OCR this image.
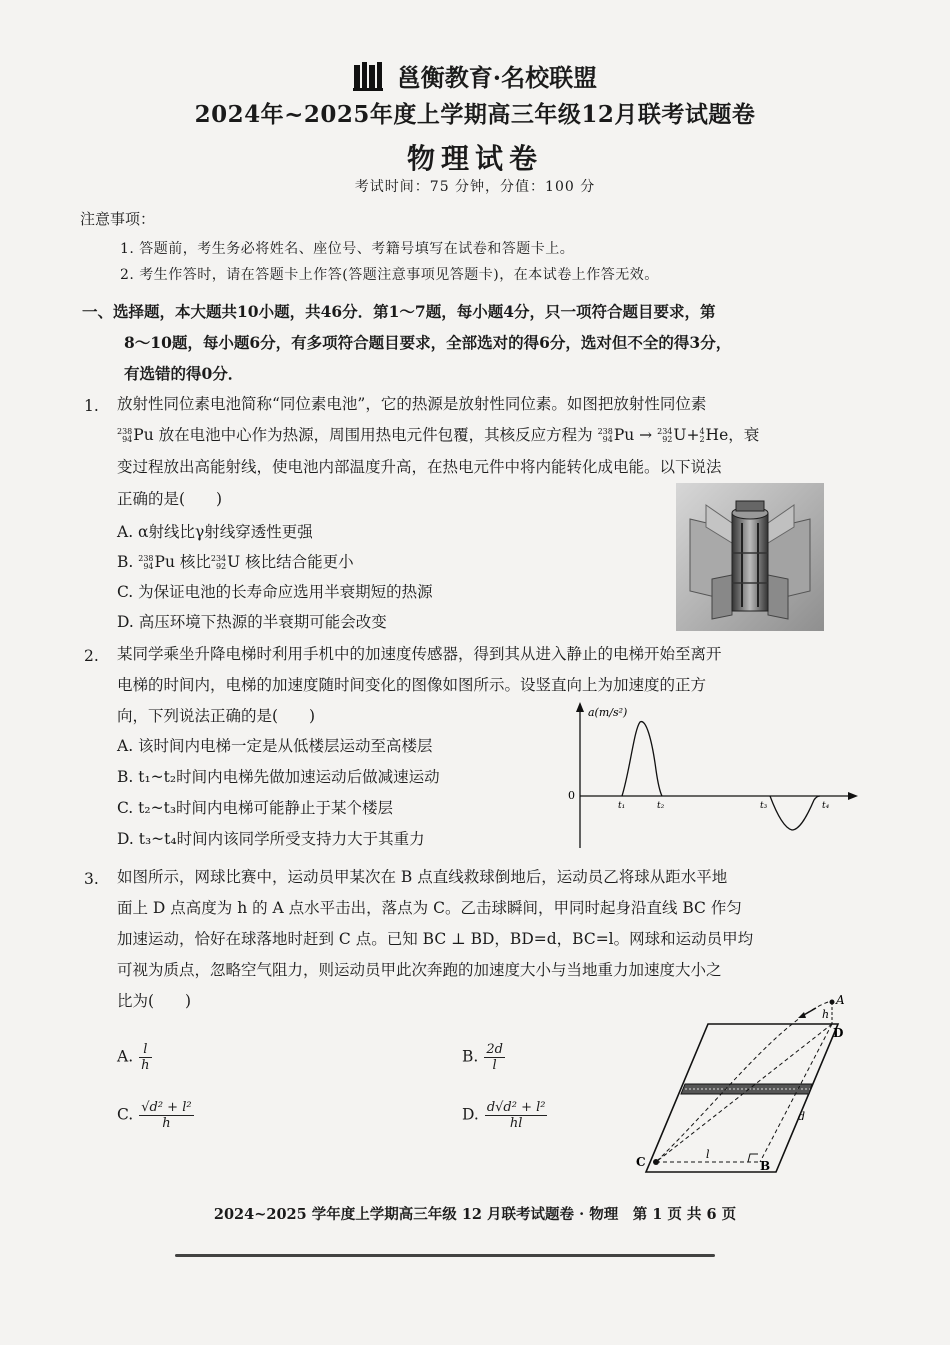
邕衡教育·名校联盟
2024年~2025年度上学期高三年级12月联考试题卷
物理试卷
考试时间：75 分钟，分值：100 分
注意事项：
1. 答题前，考生务必将姓名、座位号、考籍号填写在试卷和答题卡上。
2. 考生作答时，请在答题卡上作答(答题注意事项见答题卡)，在本试卷上作答无效。
一、选择题，本大题共10小题，共46分．第1～7题，每小题4分，只一项符合题目要求，第
8～10题，每小题6分，有多项符合题目要求，全部选对的得6分，选对但不全的得3分，
有选错的得0分．
1. 放射性同位素电池简称“同位素电池”，它的热源是放射性同位素。如图把放射性同位素
238
94Pu 放在电池中心作为热源，周围用热电元件包覆，其核反应方程为 238
94Pu → 234
92U+4
2He，衰
变过程放出高能射线，使电池内部温度升高，在热电元件中将内能转化成电能。以下说法
正确的是(　　)
A. α射线比γ射线穿透性更强
B. 238
94Pu 核比234
92U 核比结合能更小
C. 为保证电池的长寿命应选用半衰期短的热源
D. 高压环境下热源的半衰期可能会改变
2. 某同学乘坐升降电梯时利用手机中的加速度传感器，得到其从进入静止的电梯开始至离开
电梯的时间内，电梯的加速度随时间变化的图像如图所示。设竖直向上为加速度的正方
向，下列说法正确的是(　　)
A. 该时间内电梯一定是从低楼层运动至高楼层
B. t₁~t₂时间内电梯先做加速运动后做减速运动
C. t₂~t₃时间内电梯可能静止于某个楼层
D. t₃~t₄时间内该同学所受支持力大于其重力
a(m/s²)
0
t₁	t₂	t₃	t₄
3. 如图所示，网球比赛中，运动员甲某次在 B 点直线救球倒地后，运动员乙将球从距水平地
面上 D 点高度为 h 的 A 点水平击出，落点为 C。乙击球瞬间，甲同时起身沿直线 BC 作匀
加速运动，恰好在球落地时赶到 C 点。已知 BC ⊥ BD，BD=d，BC=l。网球和运动员甲均
可视为质点，忽略空气阻力，则运动员甲此次奔跑的加速度大小与当地重力加速度大小之
比为(　　)
A. $\frac{l}{h}$	B. $\frac{2d}{l}$
C. $\frac{\text{√d² + l²}}{h}$	D. $\frac{\text{d√d² + l²}}{hl}$
A
h
D
d
C
l
B
2024~2025 学年度上学期高三年级 12 月联考试题卷 · 物理　第 1 页 共 6 页
